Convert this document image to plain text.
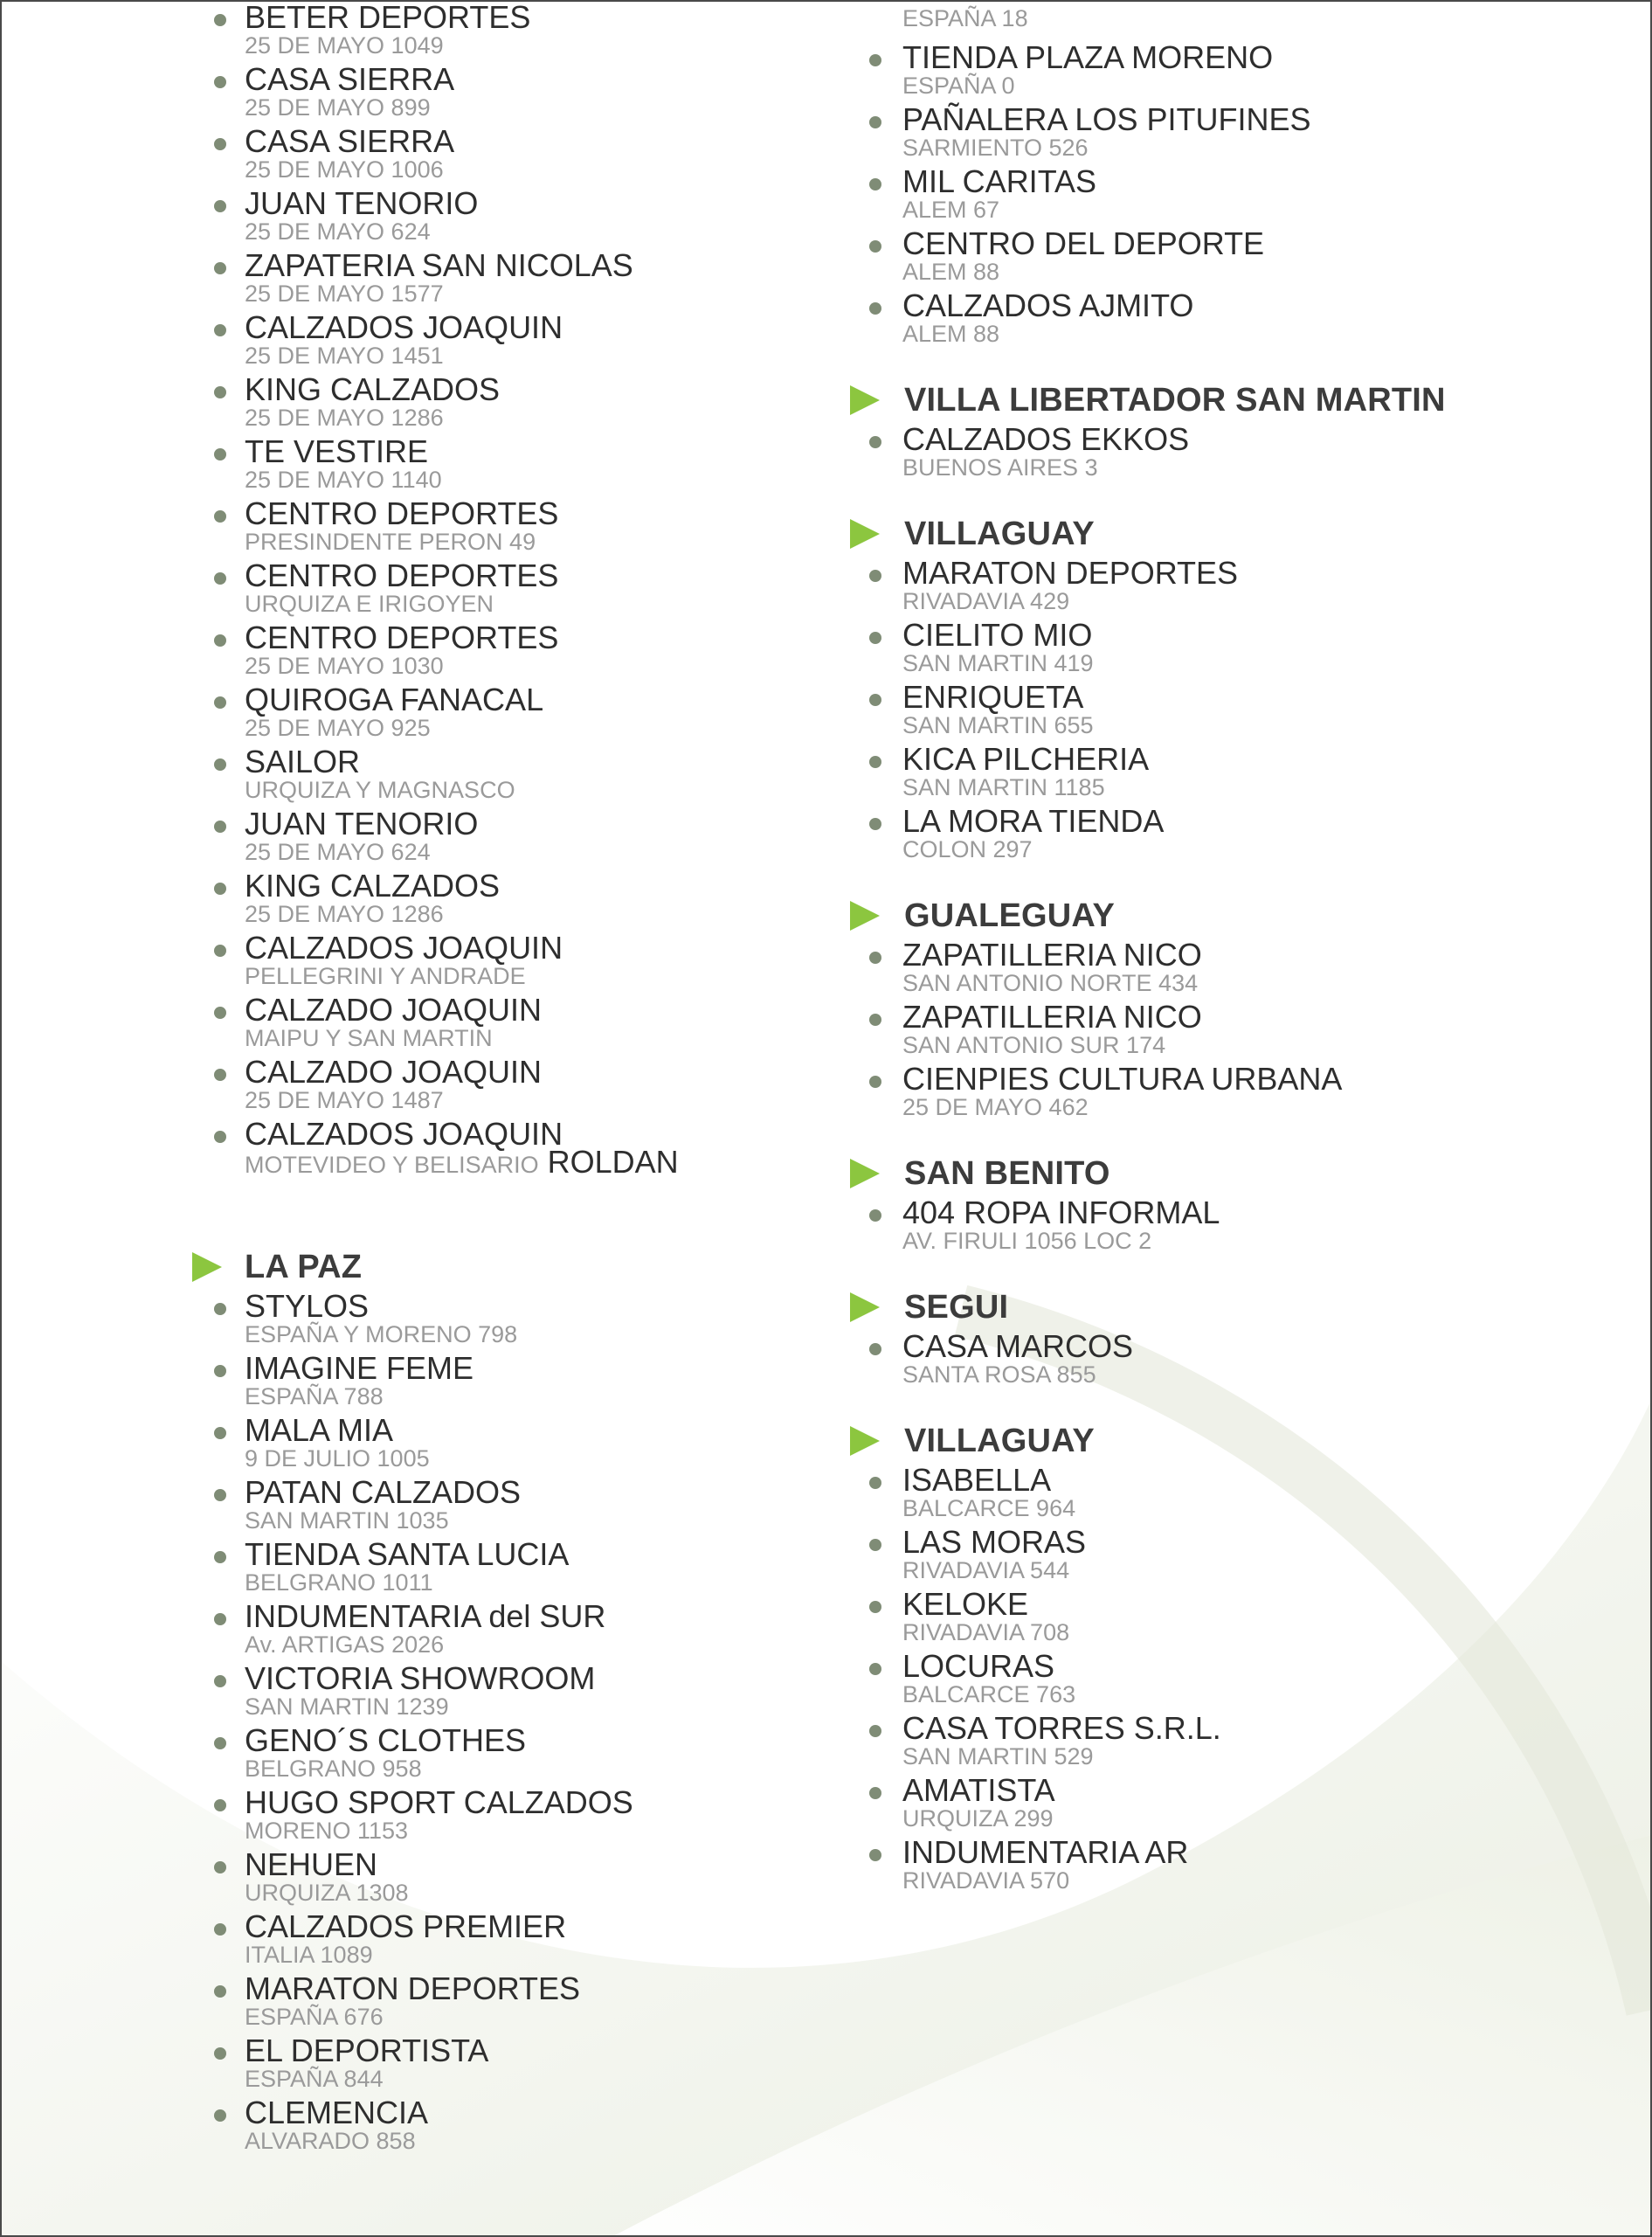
BETER DEPORTES
25 DE MAYO 1049
CASA SIERRA
25 DE MAYO 899
CASA SIERRA
25 DE MAYO 1006
JUAN TENORIO
25 DE MAYO 624
ZAPATERIA SAN NICOLAS
25 DE MAYO 1577
CALZADOS JOAQUIN
25 DE MAYO 1451
KING CALZADOS
25 DE MAYO 1286
TE VESTIRE
25 DE MAYO 1140
CENTRO DEPORTES
PRESINDENTE PERON 49
CENTRO DEPORTES
URQUIZA E IRIGOYEN
CENTRO DEPORTES
25 DE MAYO 1030
QUIROGA FANACAL
25 DE MAYO 925
SAILOR
URQUIZA Y MAGNASCO
JUAN TENORIO
25 DE MAYO 624
KING CALZADOS
25 DE MAYO 1286
CALZADOS JOAQUIN
PELLEGRINI Y ANDRADE
CALZADO JOAQUIN
MAIPU Y SAN MARTIN
CALZADO JOAQUIN
25 DE MAYO 1487
CALZADOS JOAQUIN
MOTEVIDEO Y BELISARIO ROLDAN
LA PAZ
STYLOS
ESPAÑA Y MORENO 798
IMAGINE FEME
ESPAÑA 788
MALA MIA
9 DE JULIO 1005
PATAN CALZADOS
SAN MARTIN 1035
TIENDA SANTA LUCIA
BELGRANO 1011
INDUMENTARIA del SUR
Av. ARTIGAS 2026
VICTORIA SHOWROOM
SAN MARTIN 1239
GENO´S CLOTHES
BELGRANO 958
HUGO SPORT CALZADOS
MORENO 1153
NEHUEN
URQUIZA 1308
CALZADOS PREMIER
ITALIA 1089
MARATON DEPORTES
ESPAÑA 676
EL DEPORTISTA
ESPAÑA 844
CLEMENCIA
ALVARADO 858
ESPAÑA 18
TIENDA PLAZA MORENO
ESPAÑA 0
PAÑALERA LOS PITUFINES
SARMIENTO 526
MIL CARITAS
ALEM 67
CENTRO DEL DEPORTE
ALEM 88
CALZADOS AJMITO
ALEM 88
VILLA LIBERTADOR SAN MARTIN
CALZADOS EKKOS
BUENOS AIRES 3
VILLAGUAY
MARATON DEPORTES
RIVADAVIA 429
CIELITO MIO
SAN MARTIN 419
ENRIQUETA
SAN MARTIN 655
KICA PILCHERIA
SAN MARTIN 1185
LA MORA TIENDA
COLON 297
GUALEGUAY
ZAPATILLERIA NICO
SAN ANTONIO NORTE 434
ZAPATILLERIA NICO
SAN ANTONIO SUR 174
CIENPIES CULTURA URBANA
25 DE MAYO 462
SAN BENITO
404 ROPA INFORMAL
AV. FIRULI 1056 LOC 2
SEGUI
CASA MARCOS
SANTA ROSA 855
VILLAGUAY
ISABELLA
BALCARCE 964
LAS MORAS
RIVADAVIA 544
KELOKE
RIVADAVIA 708
LOCURAS
BALCARCE 763
CASA TORRES S.R.L.
SAN MARTIN 529
AMATISTA
URQUIZA 299
INDUMENTARIA AR
RIVADAVIA 570
